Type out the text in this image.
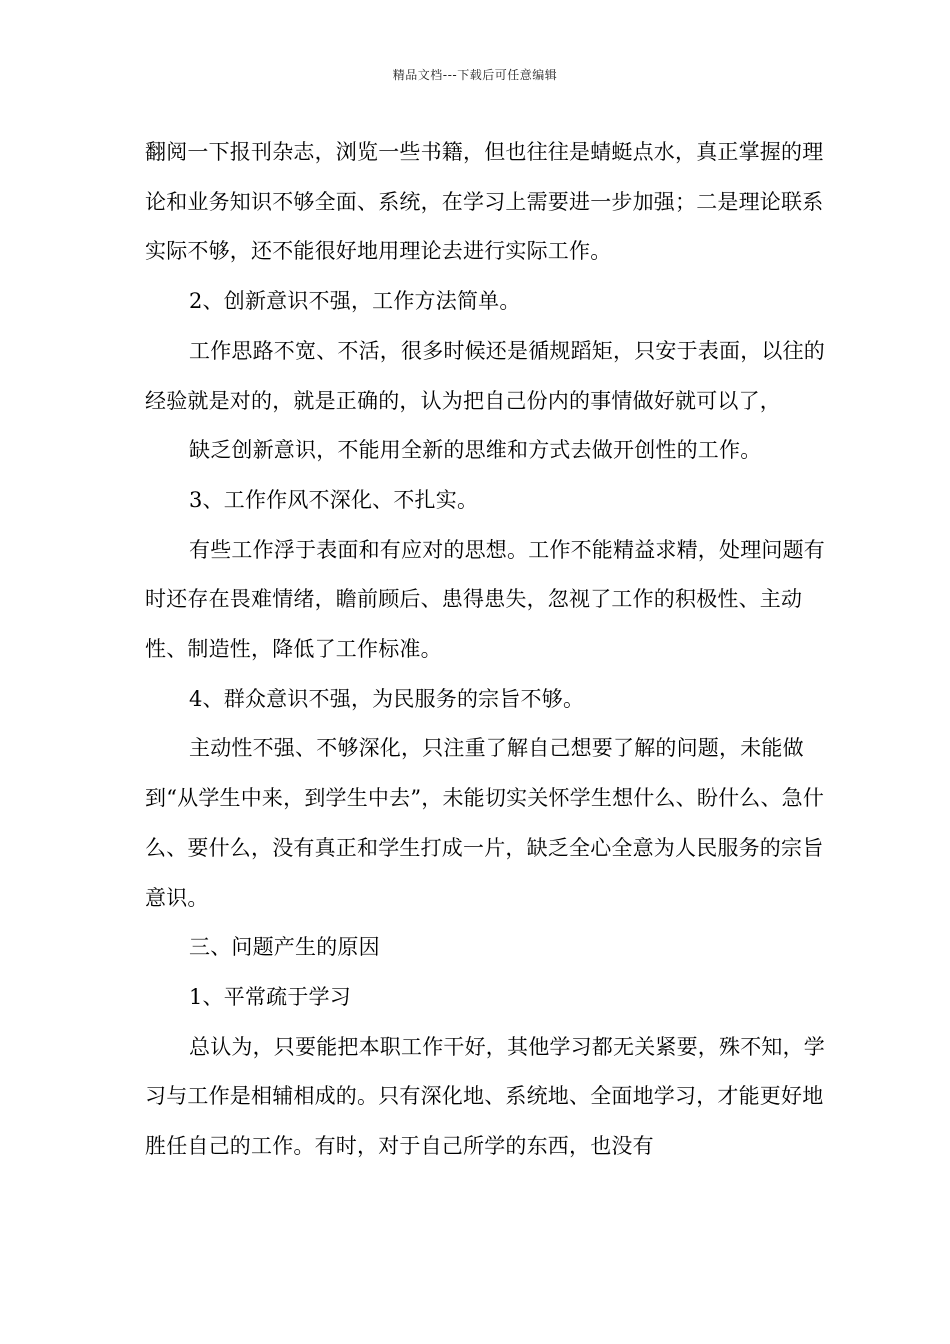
精品文档---下载后可任意编辑

翻阅一下报刊杂志，浏览一些书籍，但也往往是蜻蜓点水，真正掌握的理论和业务知识不够全面、系统，在学习上需要进一步加强；二是理论联系实际不够，还不能很好地用理论去进行实际工作。

2、创新意识不强，工作方法简单。

工作思路不宽、不活，很多时候还是循规蹈矩，只安于表面，以往的经验就是对的，就是正确的，认为把自己份内的事情做好就可以了，

缺乏创新意识，不能用全新的思维和方式去做开创性的工作。

3、工作作风不深化、不扎实。

有些工作浮于表面和有应对的思想。工作不能精益求精，处理问题有时还存在畏难情绪，瞻前顾后、患得患失，忽视了工作的积极性、主动性、制造性，降低了工作标准。

4、群众意识不强，为民服务的宗旨不够。

主动性不强、不够深化，只注重了解自己想要了解的问题，未能做到“从学生中来，到学生中去”，未能切实关怀学生想什么、盼什么、急什么、要什么，没有真正和学生打成一片，缺乏全心全意为人民服务的宗旨意识。

三、问题产生的原因

1、平常疏于学习

总认为，只要能把本职工作干好，其他学习都无关紧要，殊不知，学习与工作是相辅相成的。只有深化地、系统地、全面地学习，才能更好地胜任自己的工作。有时，对于自己所学的东西，也没有
